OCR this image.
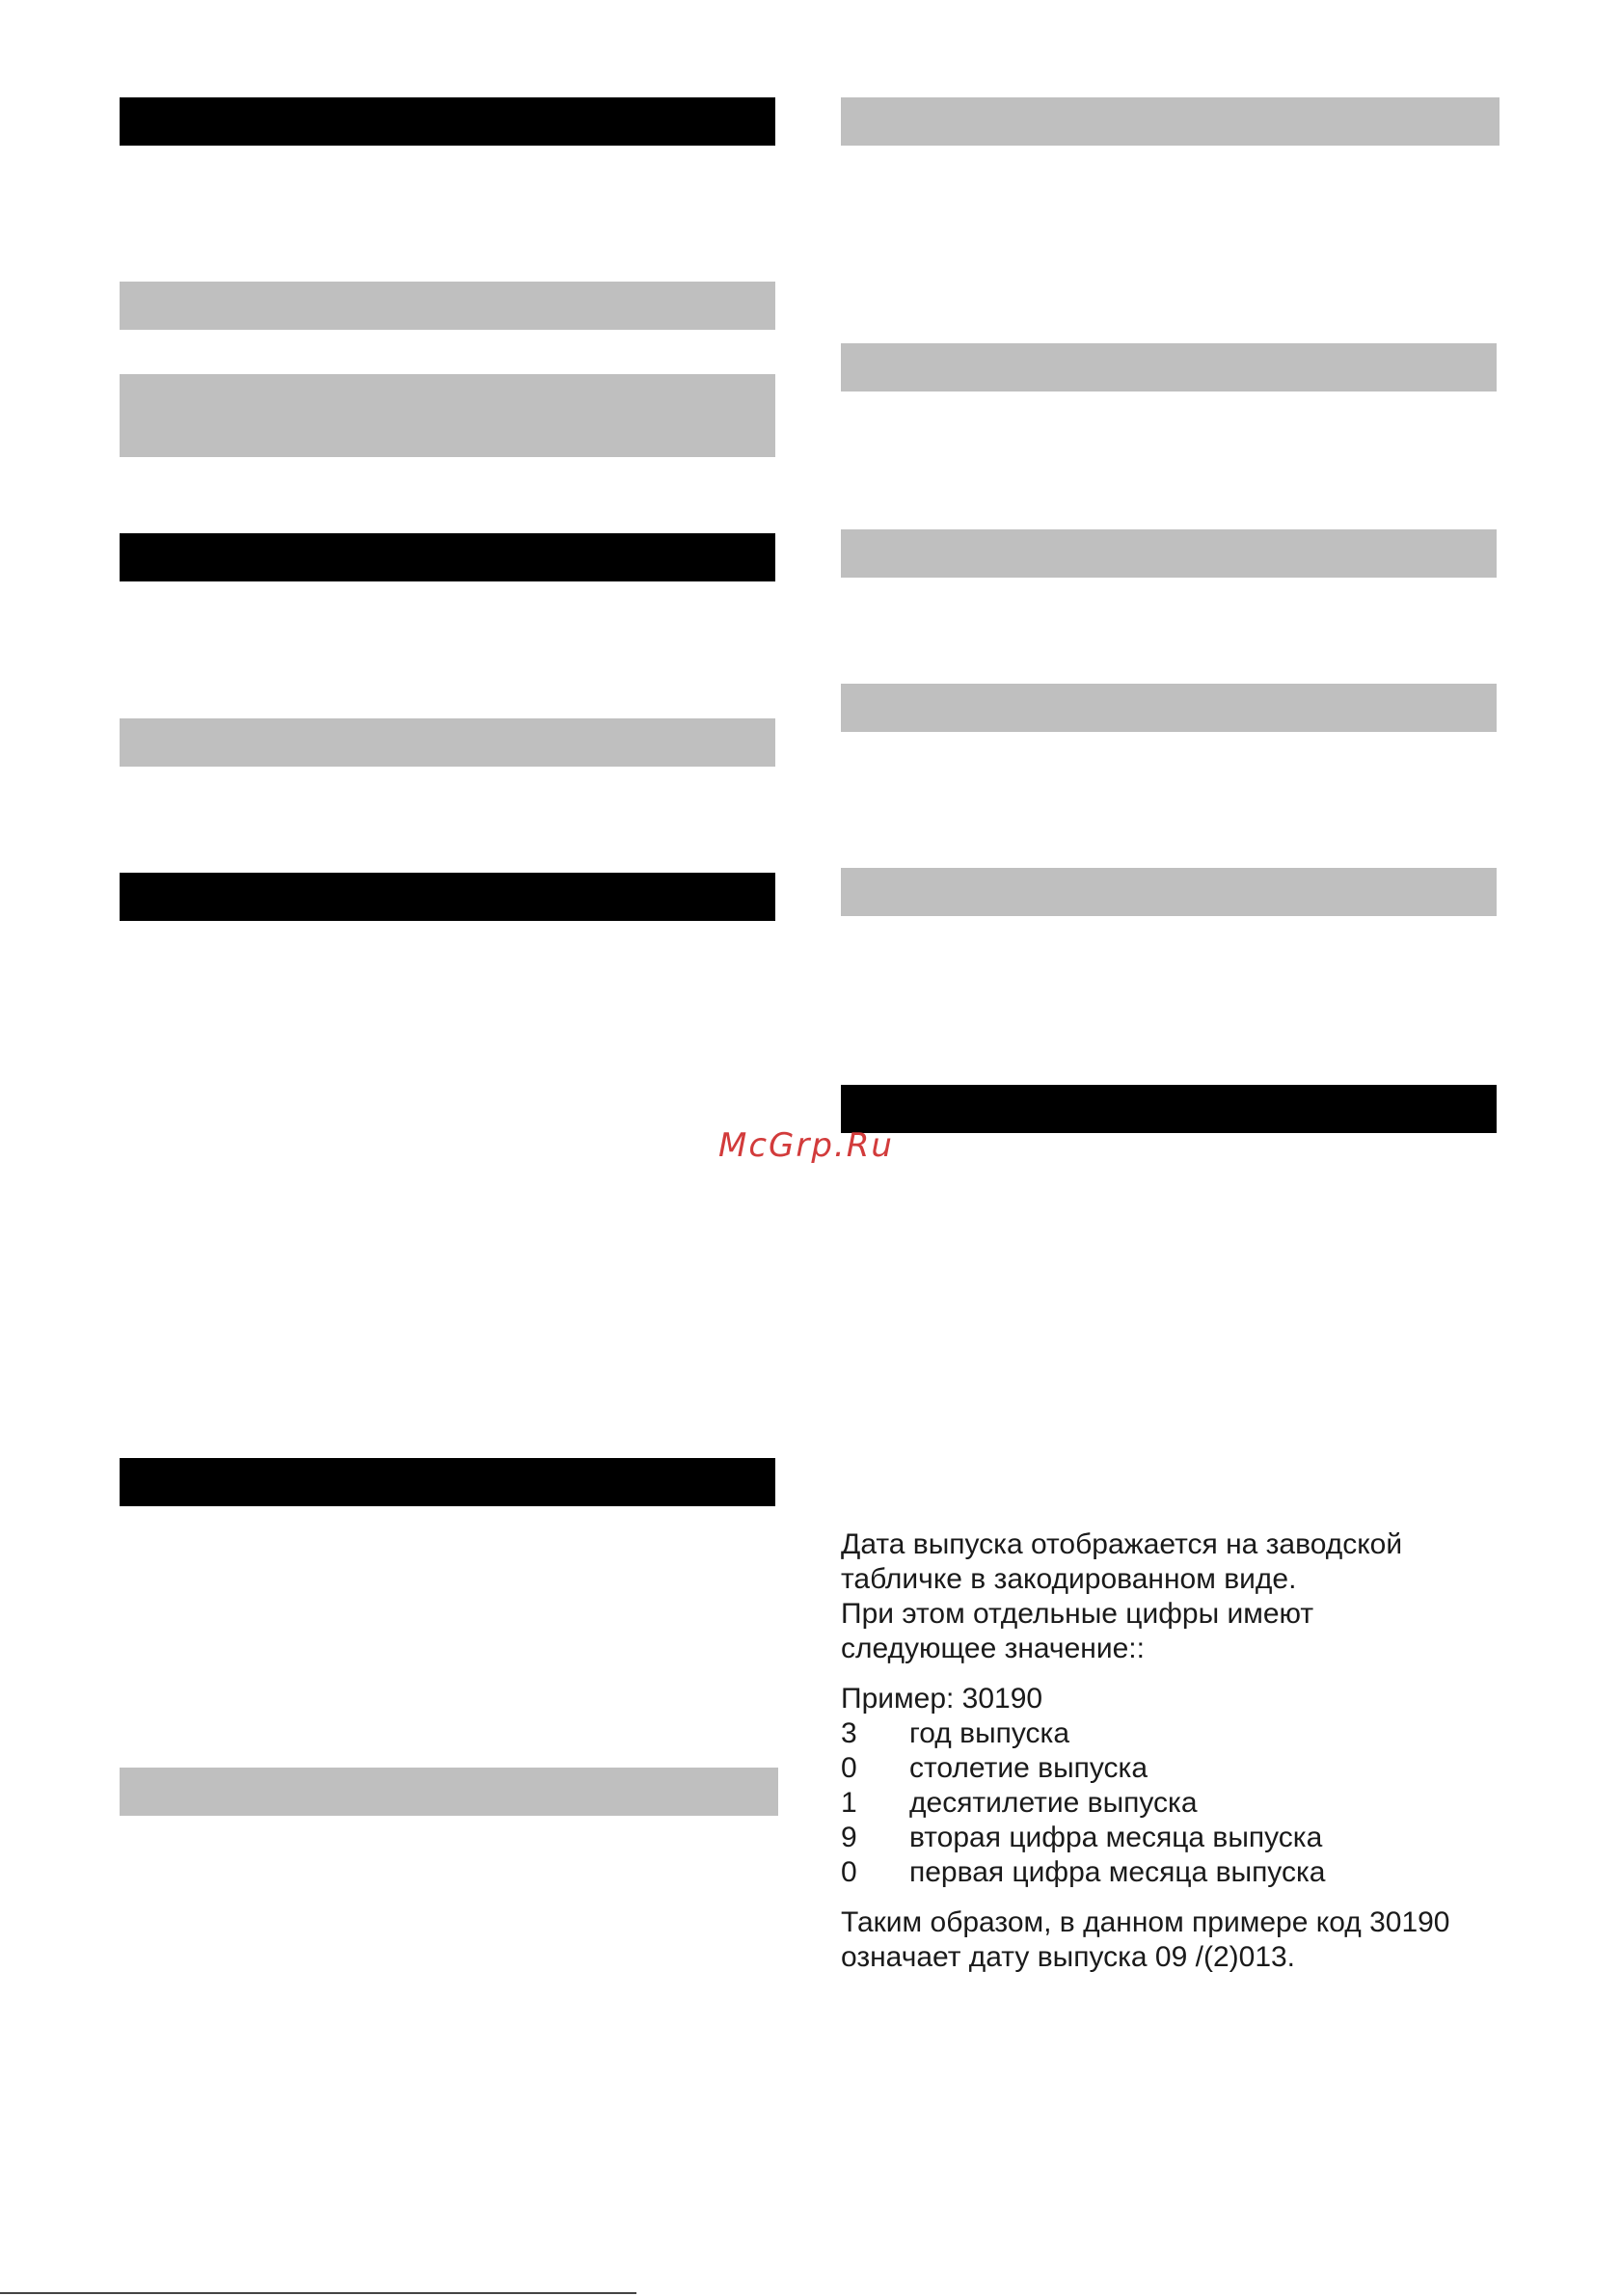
McGrp.Ru

Дата выпуска отображается на заводской

табличке в закодированном виде.

При этом отдельные цифры имеют

следующее значение::

Пример: 30190

3	год выпуска
0	столетие выпуска
1	десятилетие выпуска
9	вторая цифра месяца выпуска
0	первая цифра месяца выпуска

Таким образом, в данном примере код 30190

означает дату выпуска 09 /(2)013.
